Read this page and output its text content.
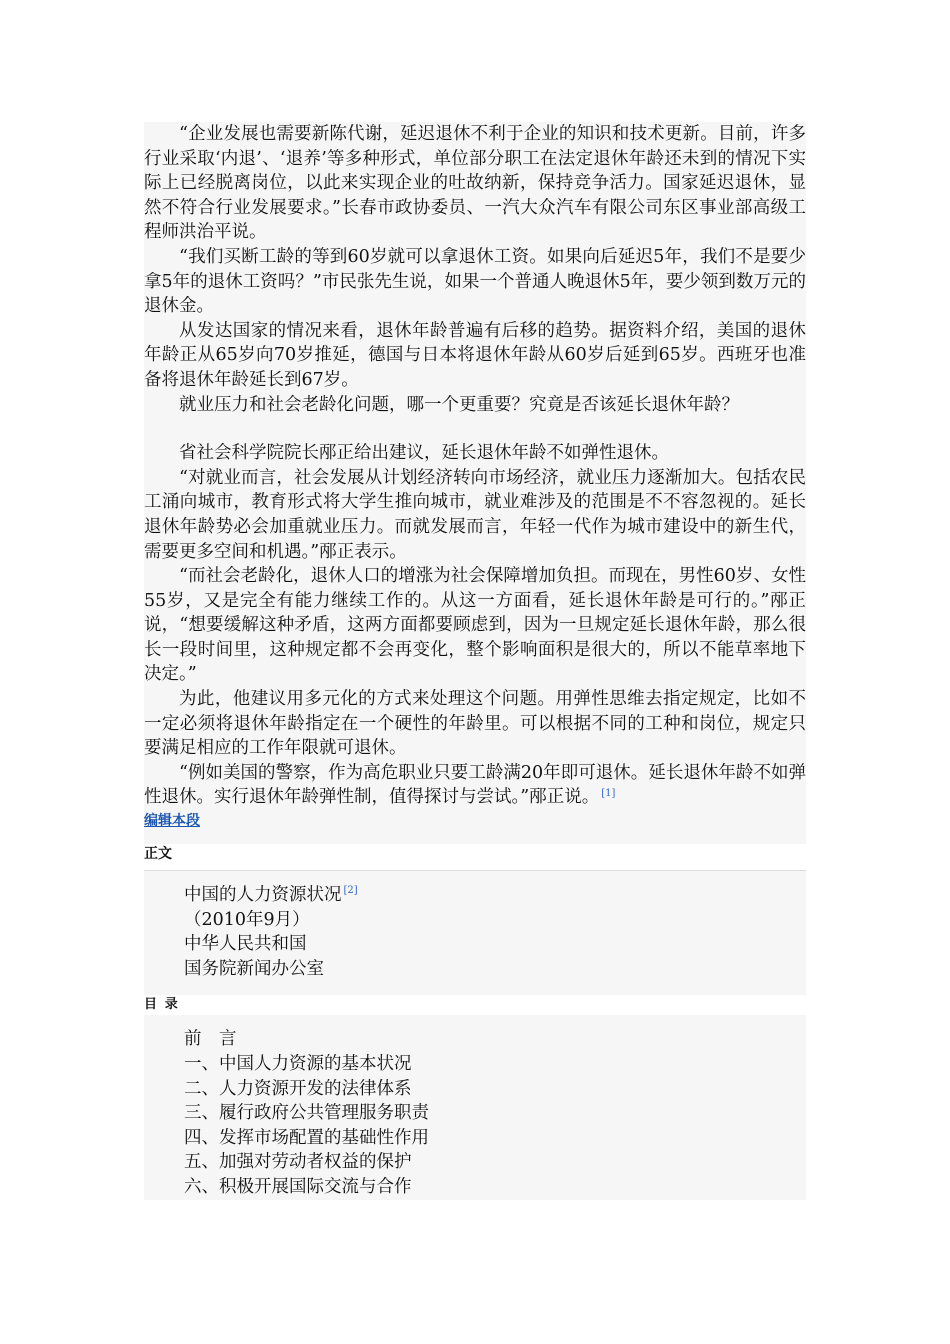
“企业发展也需要新陈代谢，延迟退休不利于企业的知识和技术更新。目前，许多行业采取‘内退’、‘退养’等多种形式，单位部分职工在法定退休年龄还未到的情况下实际上已经脱离岗位，以此来实现企业的吐故纳新，保持竞争活力。国家延迟退休，显然不符合行业发展要求。”长春市政协委员、一汽大众汽车有限公司东区事业部高级工程师洪治平说。

“我们买断工龄的等到60岁就可以拿退休工资。如果向后延迟5年，我们不是要少拿5年的退休工资吗？”市民张先生说，如果一个普通人晚退休5年，要少领到数万元的退休金。

从发达国家的情况来看，退休年龄普遍有后移的趋势。据资料介绍，美国的退休年龄正从65岁向70岁推延，德国与日本将退休年龄从60岁后延到65岁。西班牙也准备将退休年龄延长到67岁。

就业压力和社会老龄化问题，哪一个更重要？究竟是否该延长退休年龄？

省社会科学院院长邴正给出建议，延长退休年龄不如弹性退休。

“对就业而言，社会发展从计划经济转向市场经济，就业压力逐渐加大。包括农民工涌向城市，教育形式将大学生推向城市，就业难涉及的范围是不不容忽视的。延长退休年龄势必会加重就业压力。而就发展而言，年轻一代作为城市建设中的新生代，需要更多空间和机遇。”邴正表示。

“而社会老龄化，退休人口的增涨为社会保障增加负担。而现在，男性60岁、女性55岁，又是完全有能力继续工作的。从这一方面看，延长退休年龄是可行的。”邴正说，“想要缓解这种矛盾，这两方面都要顾虑到，因为一旦规定延长退休年龄，那么很长一段时间里，这种规定都不会再变化，整个影响面积是很大的，所以不能草率地下决定。”

为此，他建议用多元化的方式来处理这个问题。用弹性思维去指定规定，比如不一定必须将退休年龄指定在一个硬性的年龄里。可以根据不同的工种和岗位，规定只要满足相应的工作年限就可退休。

“例如美国的警察，作为高危职业只要工龄满20年即可退休。延长退休年龄不如弹性退休。实行退休年龄弹性制，值得探讨与尝试。”邴正说。 [1]

编辑本段
正文

中国的人力资源状况 [2]

（2010年9月）

中华人民共和国

国务院新闻办公室

目录

前　言

一、中国人力资源的基本状况

二、人力资源开发的法律体系

三、履行政府公共管理服务职责

四、发挥市场配置的基础性作用

五、加强对劳动者权益的保护

六、积极开展国际交流与合作
